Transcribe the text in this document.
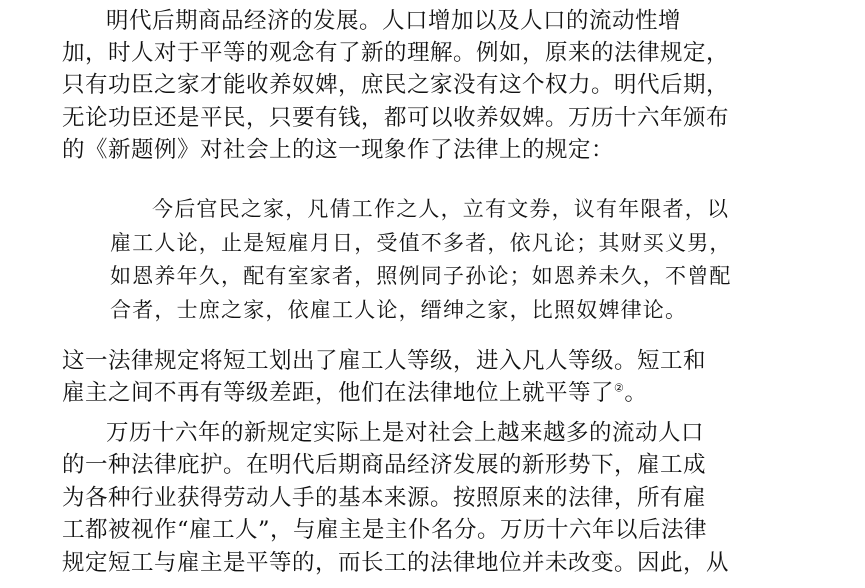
明代后期商品经济的发展。人口增加以及人口的流动性增
加，时人对于平等的观念有了新的理解。例如，原来的法律规定，
只有功臣之家才能收养奴婢，庶民之家没有这个权力。明代后期，
无论功臣还是平民，只要有钱，都可以收养奴婢。万历十六年颁布
的《新题例》对社会上的这一现象作了法律上的规定：
今后官民之家，凡倩工作之人，立有文券，议有年限者，以
雇工人论，止是短雇月日，受值不多者，依凡论；其财买义男，
如恩养年久，配有室家者，照例同子孙论；如恩养未久，不曾配
合者，士庶之家，依雇工人论，缙绅之家，比照奴婢律论。
这一法律规定将短工划出了雇工人等级，进入凡人等级。短工和
雇主之间不再有等级差距，他们在法律地位上就平等了②。
万历十六年的新规定实际上是对社会上越来越多的流动人口
的一种法律庇护。在明代后期商品经济发展的新形势下，雇工成
为各种行业获得劳动人手的基本来源。按照原来的法律，所有雇
工都被视作“雇工人”，与雇主是主仆名分。万历十六年以后法律
规定短工与雇主是平等的，而长工的法律地位并未改变。因此，从
